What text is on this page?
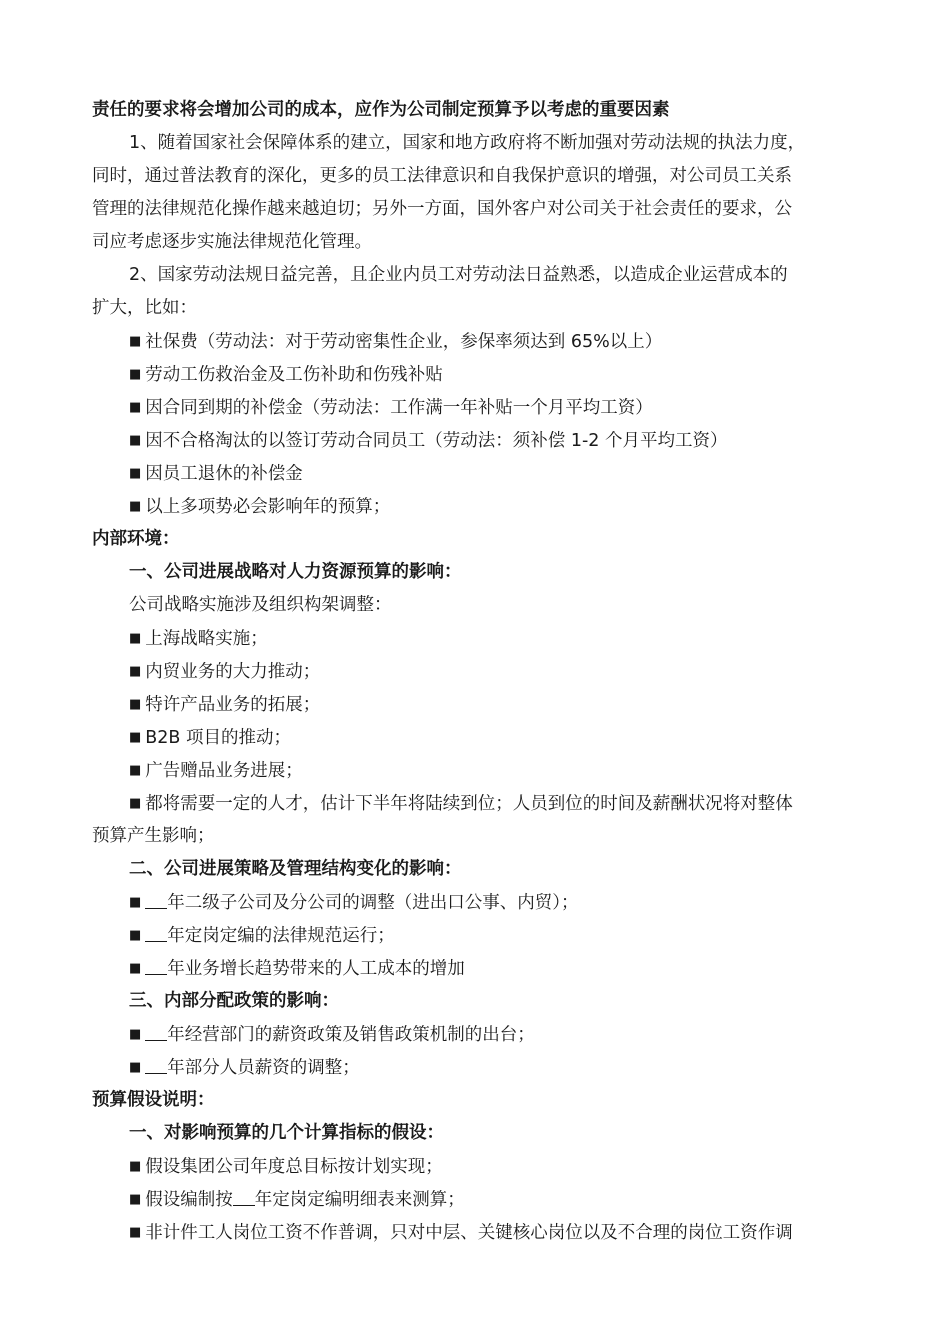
责任的要求将会增加公司的成本，应作为公司制定预算予以考虑的重要因素
1、随着国家社会保障体系的建立，国家和地方政府将不断加强对劳动法规的执法力度，
同时，通过普法教育的深化，更多的员工法律意识和自我保护意识的增强，对公司员工关系
管理的法律规范化操作越来越迫切；另外一方面，国外客户对公司关于社会责任的要求，公
司应考虑逐步实施法律规范化管理。
2、国家劳动法规日益完善，且企业内员工对劳动法日益熟悉，以造成企业运营成本的
扩大，比如：
■ 社保费（劳动法：对于劳动密集性企业，参保率须达到 65%以上）
■ 劳动工伤救治金及工伤补助和伤残补贴
■ 因合同到期的补偿金（劳动法：工作满一年补贴一个月平均工资）
■ 因不合格淘汰的以签订劳动合同员工（劳动法：须补偿 1-2 个月平均工资）
■ 因员工退休的补偿金
■ 以上多项势必会影响年的预算；
内部环境：
一、公司进展战略对人力资源预算的影响：
公司战略实施涉及组织构架调整：
■ 上海战略实施；
■ 内贸业务的大力推动；
■ 特许产品业务的拓展；
■ B2B 项目的推动；
■ 广告赠品业务进展；
■ 都将需要一定的人才，估计下半年将陆续到位；人员到位的时间及薪酬状况将对整体
预算产生影响；
二、公司进展策略及管理结构变化的影响：
■ 年二级子公司及分公司的调整（进出口公事、内贸）；
■ 年定岗定编的法律规范运行；
■ 年业务增长趋势带来的人工成本的增加
三、内部分配政策的影响：
■ 年经营部门的薪资政策及销售政策机制的出台；
■ 年部分人员薪资的调整；
预算假设说明：
一、对影响预算的几个计算指标的假设：
■ 假设集团公司年度总目标按计划实现；
■ 假设编制按 年定岗定编明细表来测算；
■ 非计件工人岗位工资不作普调，只对中层、关键核心岗位以及不合理的岗位工资作调
